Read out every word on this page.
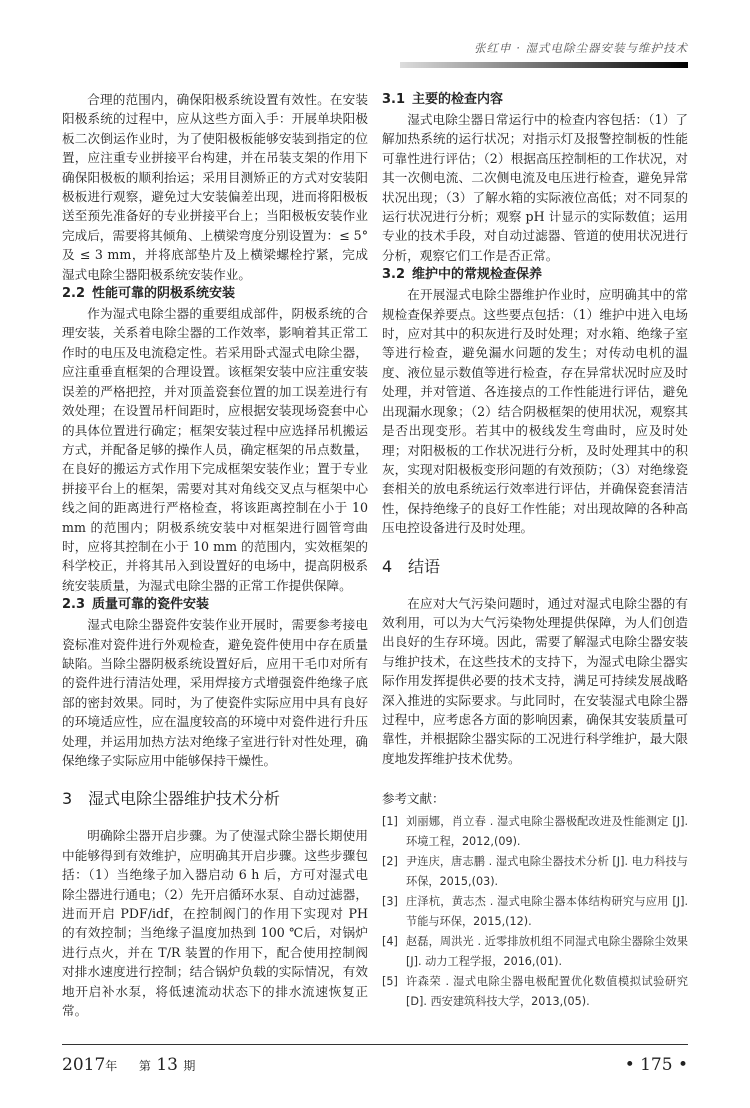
张红申 · 湿式电除尘器安装与维护技术

合理的范围内，确保阳极系统设置有效性。在安装阳极系统的过程中，应从这些方面入手：开展单块阳极板二次倒运作业时，为了使阳极板能够安装到指定的位置，应注重专业拼接平台构建，并在吊装支架的作用下确保阳极板的顺利抬运；采用目测矫正的方式对安装阳极板进行观察，避免过大安装偏差出现，进而将阳极板送至预先准备好的专业拼接平台上；当阳极板安装作业完成后，需要将其倾角、上横梁弯度分别设置为：≤ 5° 及 ≤ 3 mm，并将底部垫片及上横梁螺栓拧紧，完成湿式电除尘器阳极系统安装作业。

2.2 性能可靠的阴极系统安装

作为湿式电除尘器的重要组成部件，阴极系统的合理安装，关系着电除尘器的工作效率，影响着其正常工作时的电压及电流稳定性。若采用卧式湿式电除尘器，应注重垂直框架的合理设置。该框架安装中应注重安装误差的严格把控，并对顶盖瓷套位置的加工误差进行有效处理；在设置吊杆间距时，应根据安装现场瓷套中心的具体位置进行确定；框架安装过程中应选择吊机搬运方式，并配备足够的操作人员，确定框架的吊点数量，在良好的搬运方式作用下完成框架安装作业；置于专业拼接平台上的框架，需要对其对角线交叉点与框架中心线之间的距离进行严格检查，将该距离控制在小于 10 mm 的范围内；阴极系统安装中对框架进行圆管弯曲时，应将其控制在小于 10 mm 的范围内，实效框架的科学校正，并将其吊入到设置好的电场中，提高阴极系统安装质量，为湿式电除尘器的正常工作提供保障。

2.3 质量可靠的瓷件安装

湿式电除尘器瓷件安装作业开展时，需要参考接电瓷标准对瓷件进行外观检查，避免瓷件使用中存在质量缺陷。当除尘器阴极系统设置好后，应用干毛巾对所有的瓷件进行清洁处理，采用焊接方式增强瓷件绝缘子底部的密封效果。同时，为了使瓷件实际应用中具有良好的环境适应性，应在温度较高的环境中对瓷件进行升压处理，并运用加热方法对绝缘子室进行针对性处理，确保绝缘子实际应用中能够保持干燥性。

3 湿式电除尘器维护技术分析

明确除尘器开启步骤。为了使湿式除尘器长期使用中能够得到有效维护，应明确其开启步骤。这些步骤包括：（1）当绝缘子加入器启动 6 h 后，方可对湿式电除尘器进行通电；（2）先开启循环水泵、自动过滤器，进而开启 PDF/idf，在控制阀门的作用下实现对 PH 的有效控制；当绝缘子温度加热到 100 ℃后，对锅炉进行点火，并在 T/R 装置的作用下，配合使用控制阀对排水速度进行控制；结合锅炉负载的实际情况，有效地开启补水泵，将低速流动状态下的排水流速恢复正常。

3.1 主要的检查内容

湿式电除尘器日常运行中的检查内容包括：（1）了解加热系统的运行状况；对指示灯及报警控制板的性能可靠性进行评估；（2）根据高压控制柜的工作状况，对其一次侧电流、二次侧电流及电压进行检查，避免异常状况出现；（3）了解水箱的实际液位高低；对不同泵的运行状况进行分析；观察 pH 计显示的实际数值；运用专业的技术手段，对自动过滤器、管道的使用状况进行分析，观察它们工作是否正常。

3.2 维护中的常规检查保养

在开展湿式电除尘器维护作业时，应明确其中的常规检查保养要点。这些要点包括：（1）维护中进入电场时，应对其中的积灰进行及时处理；对水箱、绝缘子室等进行检查，避免漏水问题的发生；对传动电机的温度、液位显示数值等进行检查，存在异常状况时应及时处理，并对管道、各连接点的工作性能进行评估，避免出现漏水现象；（2）结合阴极框架的使用状况，观察其是否出现变形。若其中的极线发生弯曲时，应及时处理；对阳极板的工作状况进行分析，及时处理其中的积灰，实现对阳极板变形问题的有效预防；（3）对绝缘瓷套相关的放电系统运行效率进行评估，并确保瓷套清洁性，保持绝缘子的良好工作性能；对出现故障的各种高压电控设备进行及时处理。

4 结语

在应对大气污染问题时，通过对湿式电除尘器的有效利用，可以为大气污染物处理提供保障，为人们创造出良好的生存环境。因此，需要了解湿式电除尘器安装与维护技术，在这些技术的支持下，为湿式电除尘器实际作用发挥提供必要的技术支持，满足可持续发展战略深入推进的实际要求。与此同时，在安装湿式电除尘器过程中，应考虑各方面的影响因素，确保其安装质量可靠性，并根据除尘器实际的工况进行科学维护，最大限度地发挥维护技术优势。

参考文献：
[1] 刘丽娜，肖立春 . 湿式电除尘器极配改进及性能测定 [J]. 环境工程，2012,(09).
[2] 尹连庆，唐志鹏 . 湿式电除尘器技术分析 [J]. 电力科技与环保，2015,(03).
[3] 庄泽杭，黄志杰 . 湿式电除尘器本体结构研究与应用 [J]. 节能与环保，2015,(12).
[4] 赵磊，周洪光 . 近零排放机组不同湿式电除尘器除尘效果 [J]. 动力工程学报，2016,(01).
[5] 许森荣 . 湿式电除尘器电极配置优化数值模拟试验研究 [D]. 西安建筑科技大学，2013,(05).
2017年 第 13 期	• 175 •
